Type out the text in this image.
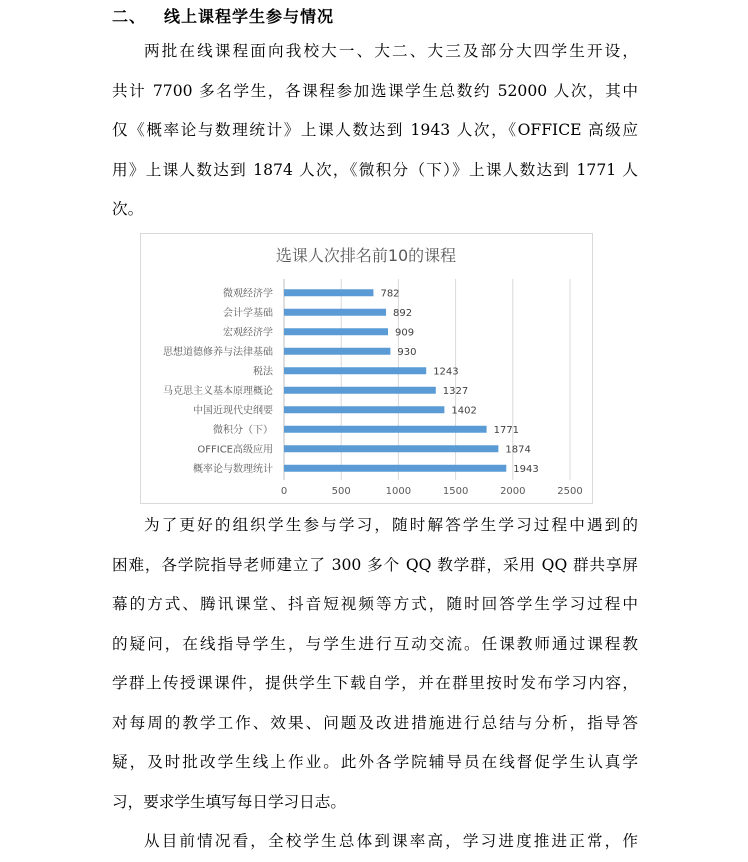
二、 线上课程学生参与情况

两批在线课程面向我校大一、大二、大三及部分大四学生开设，
共计 7700 多名学生，各课程参加选课学生总数约 52000 人次，其中
仅《概率论与数理统计》上课人数达到 1943 人次，《OFFICE 高级应
用》上课人数达到 1874 人次，《微积分（下）》上课人数达到 1771 人
次。

选课人次排名前10的课程
0	500	1000	1500	2000	2500
微观经济学	782
会计学基础	892
宏观经济学	909
思想道德修养与法律基础	930
税法	1243
马克思主义基本原理概论	1327
中国近现代史纲要	1402
微积分（下）	1771
OFFICE高级应用	1874
概率论与数理统计	1943

为了更好的组织学生参与学习，随时解答学生学习过程中遇到的
困难，各学院指导老师建立了 300 多个 QQ 教学群，采用 QQ 群共享屏
幕的方式、腾讯课堂、抖音短视频等方式，随时回答学生学习过程中
的疑问，在线指导学生，与学生进行互动交流。任课教师通过课程教
学群上传授课课件，提供学生下载自学，并在群里按时发布学习内容，
对每周的教学工作、效果、问题及改进措施进行总结与分析，指导答
疑，及时批改学生线上作业。此外各学院辅导员在线督促学生认真学
习，要求学生填写每日学习日志。

从目前情况看，全校学生总体到课率高，学习进度推进正常，作
